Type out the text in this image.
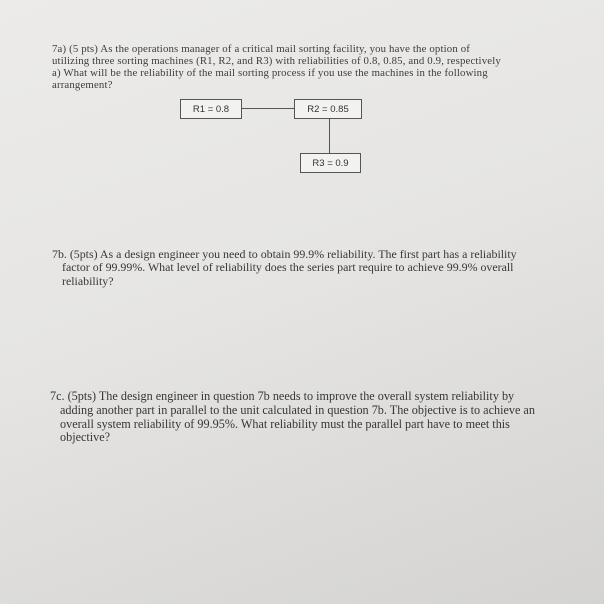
7a) (5 pts) As the operations manager of a critical mail sorting facility, you have the option of

utilizing three sorting machines (R1, R2, and R3) with reliabilities of 0.8, 0.85, and 0.9, respectively

a) What will be the reliability of the mail sorting process if you use the machines in the following

arrangement?

R1 = 0.8	R2 = 0.85
R3 = 0.9

7b. (5pts) As a design engineer you need to obtain 99.9% reliability. The first part has a reliability

factor of 99.99%. What level of reliability does the series part require to achieve 99.9% overall

reliability?

7c. (5pts) The design engineer in question 7b needs to improve the overall system reliability by

adding another part in parallel to the unit calculated in question 7b. The objective is to achieve an

overall system reliability of 99.95%. What reliability must the parallel part have to meet this

objective?
